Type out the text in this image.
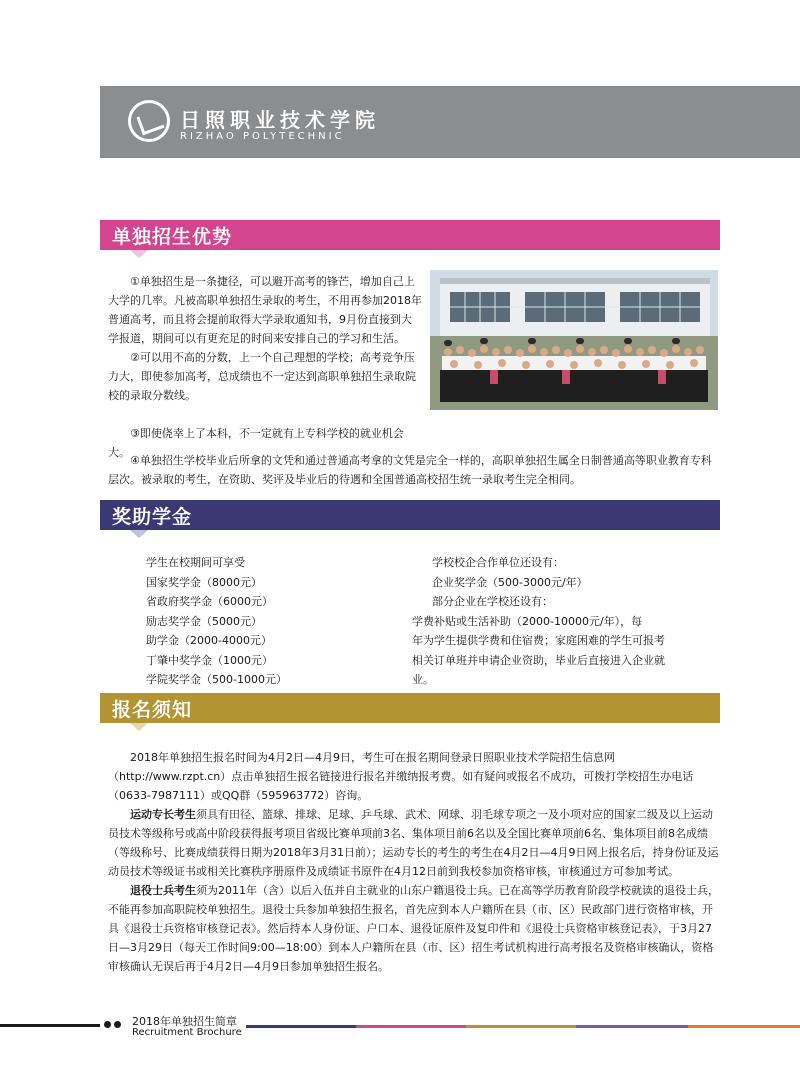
日照职业技术学院
RIZHAO POLYTECHNIC
单独招生优势
①单独招生是一条捷径，可以避开高考的锋芒，增加自己上大学的几率。凡被高职单独招生录取的考生，不用再参加2018年普通高考，而且将会提前取得大学录取通知书，9月份直接到大学报道，期间可以有更充足的时间来安排自己的学习和生活。
②可以用不高的分数，上一个自己理想的学校；高考竞争压力大，即使参加高考，总成绩也不一定达到高职单独招生录取院校的录取分数线。
③即使侥幸上了本科，不一定就有上专科学校的就业机会大。
④单独招生学校毕业后所拿的文凭和通过普通高考拿的文凭是完全一样的，高职单独招生属全日制普通高等职业教育专科层次。被录取的考生，在资助、奖评及毕业后的待遇和全国普通高校招生统一录取考生完全相同。
奖助学金
学生在校期间可享受
国家奖学金（8000元）
省政府奖学金（6000元）
励志奖学金（5000元）
助学金（2000-4000元）
丁肇中奖学金（1000元）
学院奖学金（500-1000元）
学校校企合作单位还设有：
企业奖学金（500-3000元/年）
部分企业在学校还设有：
学费补贴或生活补助（2000-10000元/年），每
年为学生提供学费和住宿费；家庭困难的学生可报考
相关订单班并申请企业资助，毕业后直接进入企业就
业。
报名须知
2018年单独招生报名时间为4月2日—4月9日，考生可在报名期间登录日照职业技术学院招生信息网（http://www.rzpt.cn）点击单独招生报名链接进行报名并缴纳报考费。如有疑问或报名不成功，可拨打学校招生办电话（0633-7987111）或QQ群（595963772）咨询。
运动专长考生须具有田径、篮球、排球、足球、乒乓球、武术、网球、羽毛球专项之一及小项对应的国家二级及以上运动员技术等级称号或高中阶段获得报考项目省级比赛单项前3名、集体项目前6名以及全国比赛单项前6名、集体项目前8名成绩（等级称号、比赛成绩获得日期为2018年3月31日前）；运动专长的考生的考生在4月2日—4月9日网上报名后，持身份证及运动员技术等级证书或相关比赛秩序册原件及成绩证书原件在4月12日前到我校参加资格审核，审核通过方可参加考试。
退役士兵考生须为2011年（含）以后入伍并自主就业的山东户籍退役士兵。已在高等学历教育阶段学校就读的退役士兵，不能再参加高职院校单独招生。退役士兵参加单独招生报名，首先应到本人户籍所在县（市、区）民政部门进行资格审核，开具《退役士兵资格审核登记表》。然后持本人身份证、户口本、退役证原件及复印件和《退役士兵资格审核登记表》，于3月27日—3月29日（每天工作时间9:00—18:00）到本人户籍所在县（市、区）招生考试机构进行高考报名及资格审核确认，资格审核确认无误后再于4月2日—4月9日参加单独招生报名。
2018年单独招生简章
Recruitment Brochure
